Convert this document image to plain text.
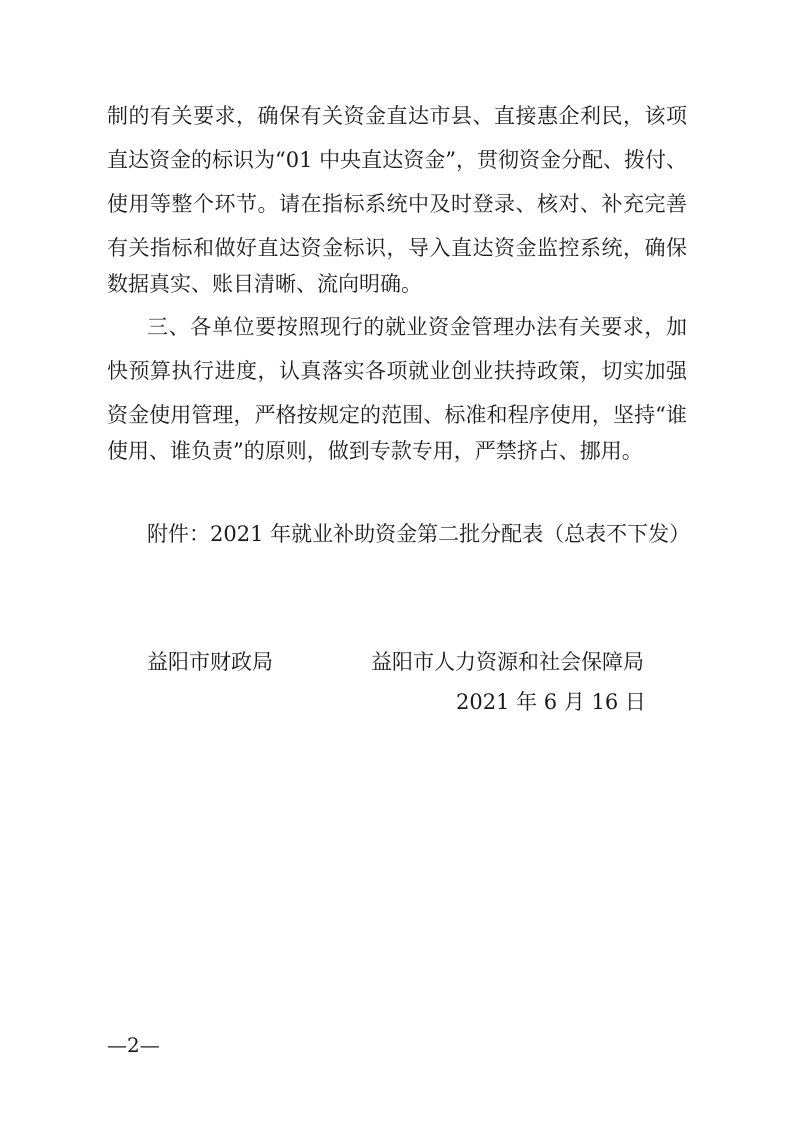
制的有关要求，确保有关资金直达市县、直接惠企利民，该项
直达资金的标识为“01 中央直达资金”，贯彻资金分配、拨付、
使用等整个环节。请在指标系统中及时登录、核对、补充完善
有关指标和做好直达资金标识，导入直达资金监控系统，确保
数据真实、账目清晰、流向明确。
三、各单位要按照现行的就业资金管理办法有关要求，加
快预算执行进度，认真落实各项就业创业扶持政策，切实加强
资金使用管理，严格按规定的范围、标准和程序使用，坚持“谁
使用、谁负责”的原则，做到专款专用，严禁挤占、挪用。
附件：2021 年就业补助资金第二批分配表（总表不下发）
益阳市财政局	益阳市人力资源和社会保障局
2021 年 6 月 16 日
—2—
